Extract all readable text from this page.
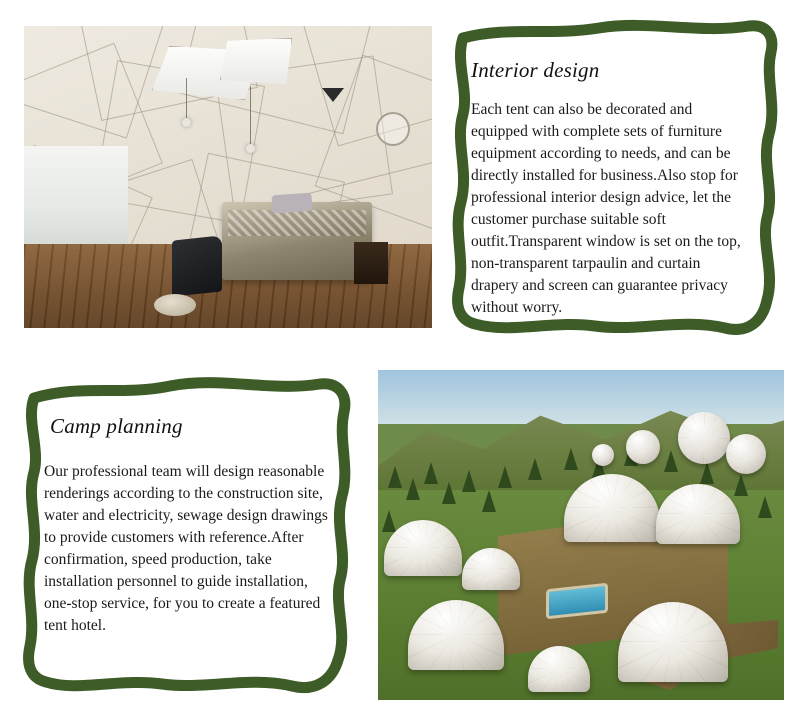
Interior design

Each tent can also be decorated and equipped with complete sets of furniture equipment according to needs, and can be directly installed for business.Also stop for professional interior design advice, let the customer purchase suitable soft outfit.Transparent window is set on the top, non-transparent tarpaulin and curtain drapery and screen can guarantee privacy without worry.

Camp planning

Our professional team will design reasonable renderings according to the construction site, water and electricity, sewage design drawings to provide customers with reference.After confirmation, speed production, take installation personnel to guide installation, one-stop service, for you to create a featured tent hotel.
